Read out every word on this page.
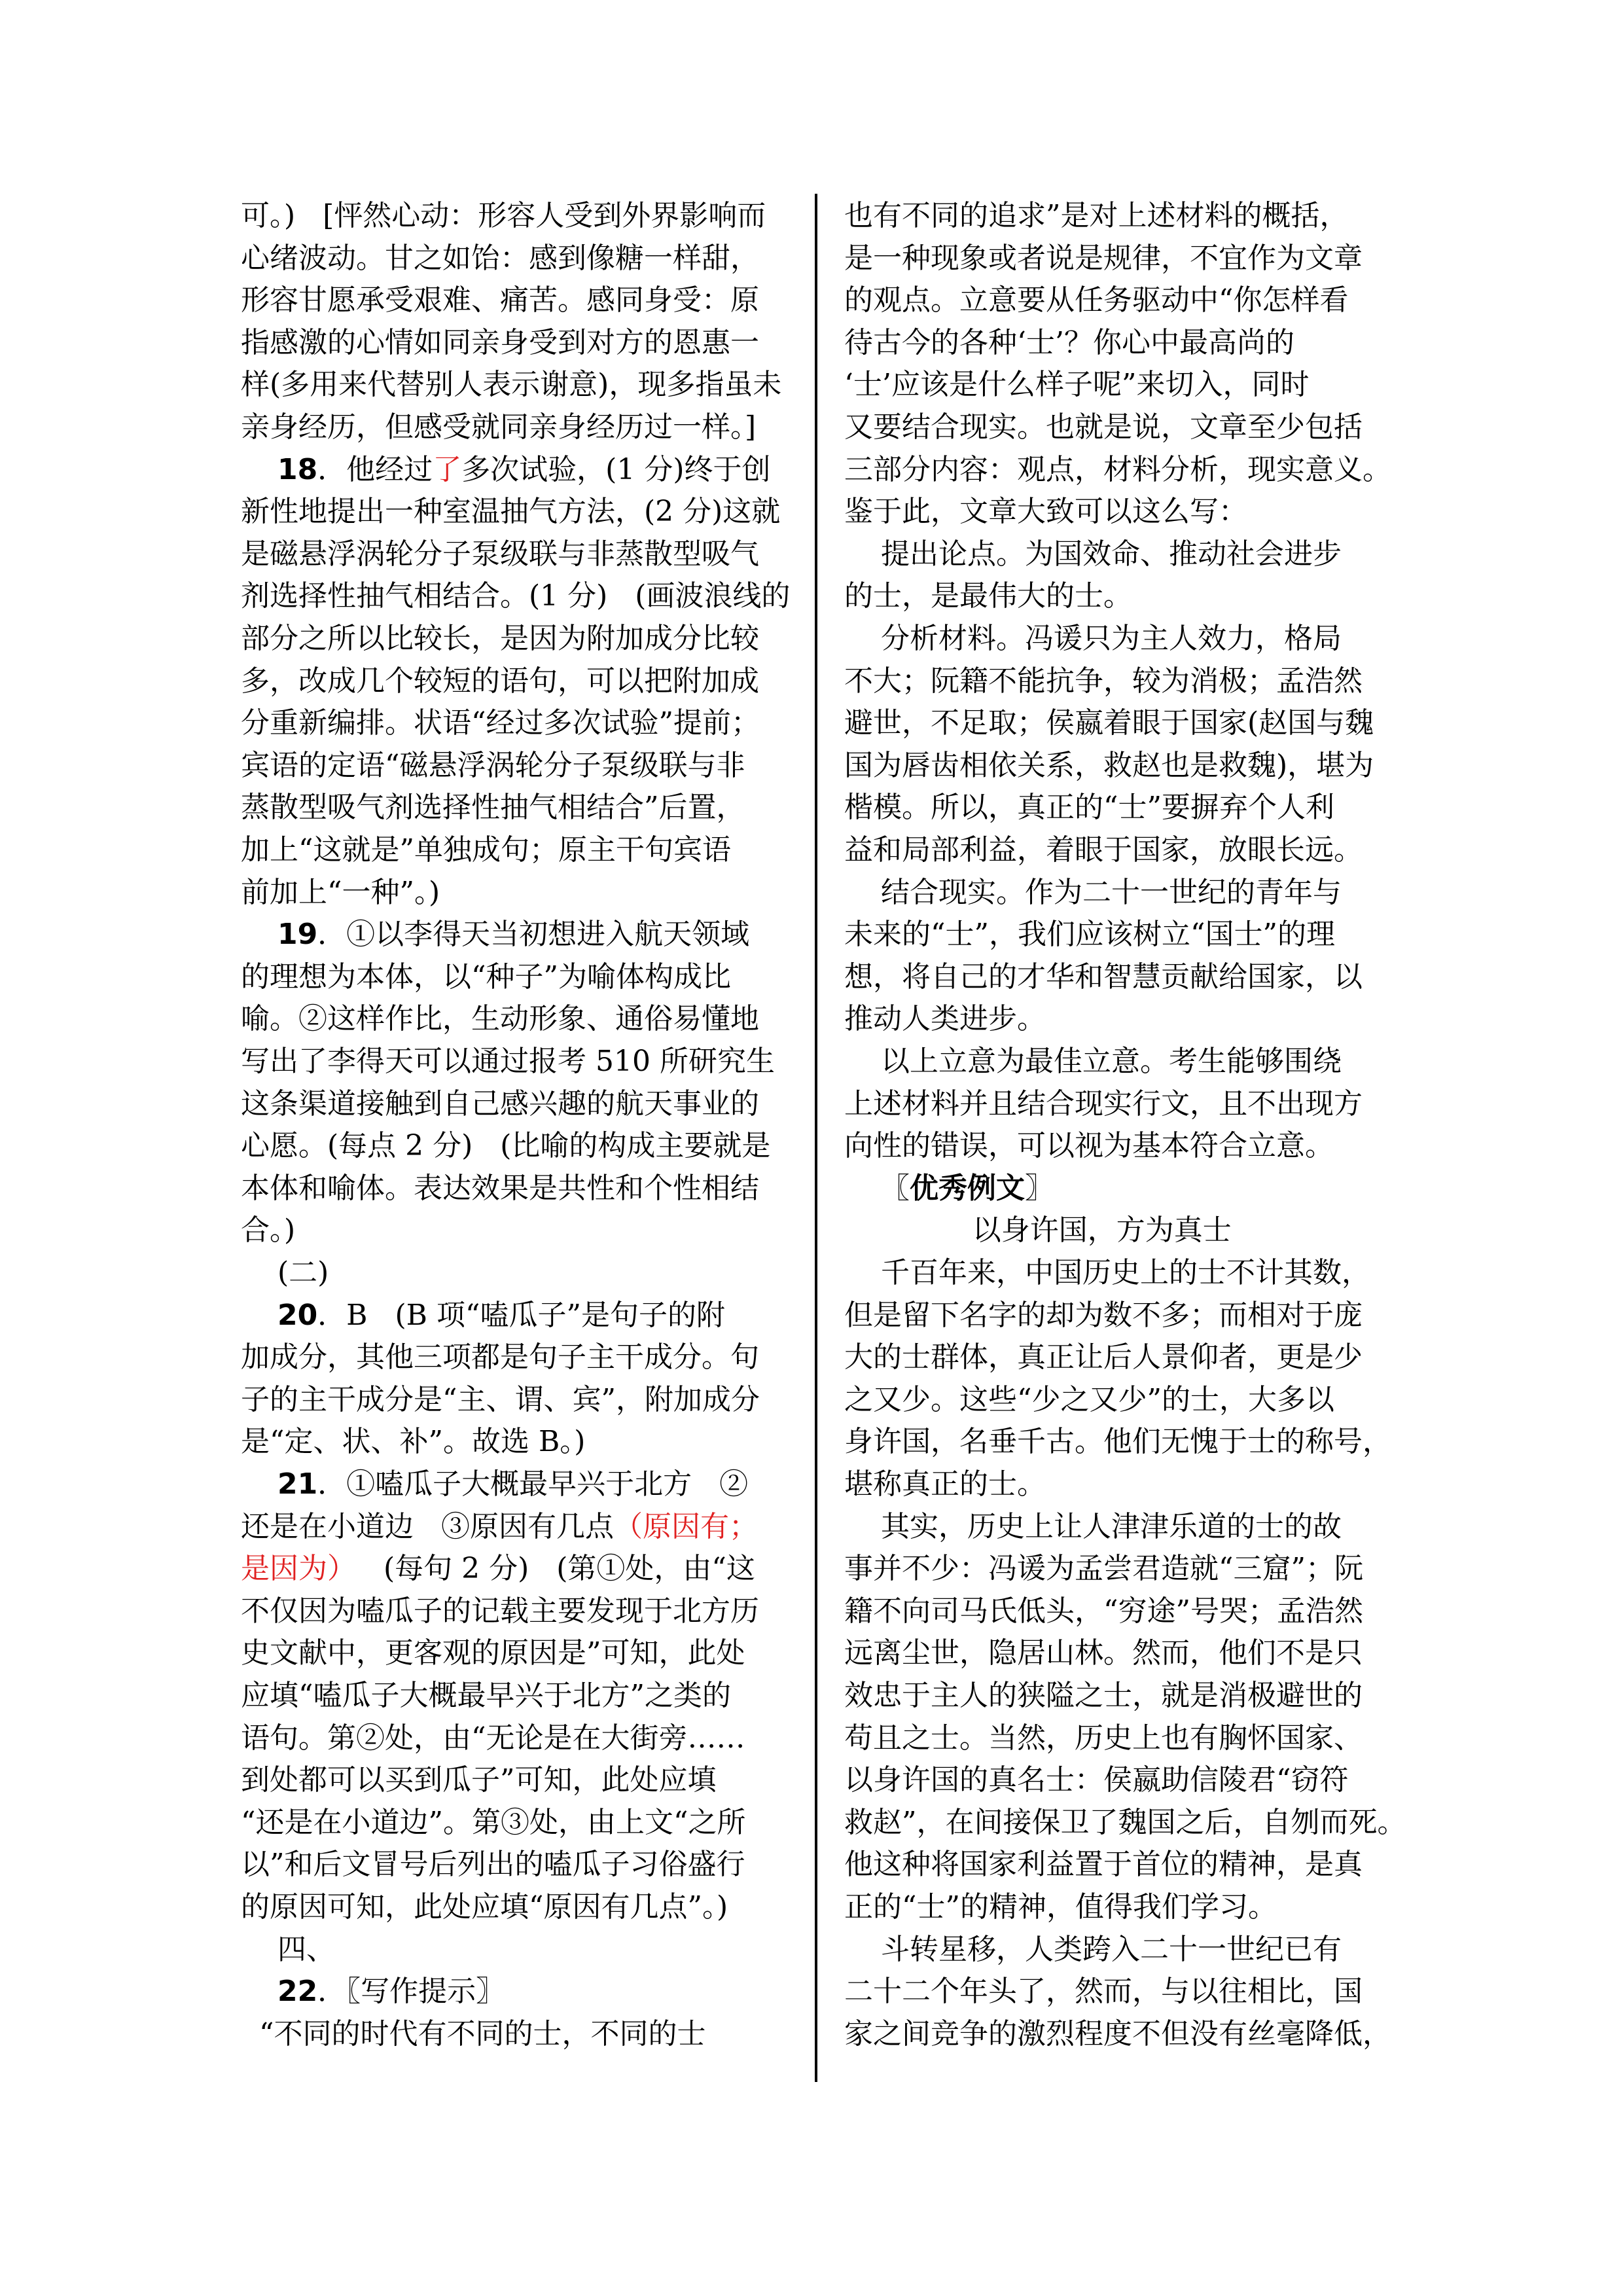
可。)   [怦然心动：形容人受到外界影响而
心绪波动。甘之如饴：感到像糖一样甜，
形容甘愿承受艰难、痛苦。感同身受：原
指感激的心情如同亲身受到对方的恩惠一
样(多用来代替别人表示谢意)，现多指虽未
亲身经历，但感受就同亲身经历过一样。]
18．他经过了多次试验，(1 分)终于创
新性地提出一种室温抽气方法，(2 分)这就
是磁悬浮涡轮分子泵级联与非蒸散型吸气
剂选择性抽气相结合。(1 分)   (画波浪线的
部分之所以比较长，是因为附加成分比较
多，改成几个较短的语句，可以把附加成
分重新编排。状语“经过多次试验”提前；
宾语的定语“磁悬浮涡轮分子泵级联与非
蒸散型吸气剂选择性抽气相结合”后置，
加上“这就是”单独成句；原主干句宾语
前加上“一种”。)
19．①以李得天当初想进入航天领域
的理想为本体，以“种子”为喻体构成比
喻。②这样作比，生动形象、通俗易懂地
写出了李得天可以通过报考 510 所研究生
这条渠道接触到自己感兴趣的航天事业的
心愿。(每点 2 分)   (比喻的构成主要就是
本体和喻体。表达效果是共性和个性相结
合。)
(二)
20．B   (B 项“嗑瓜子”是句子的附
加成分，其他三项都是句子主干成分。句
子的主干成分是“主、谓、宾”，附加成分
是“定、状、补”。故选 B。)
21．①嗑瓜子大概最早兴于北方   ②
还是在小道边   ③原因有几点（原因有；
是因为）   (每句 2 分)   (第①处，由“这
不仅因为嗑瓜子的记载主要发现于北方历
史文献中，更客观的原因是”可知，此处
应填“嗑瓜子大概最早兴于北方”之类的
语句。第②处，由“无论是在大街旁……
到处都可以买到瓜子”可知，此处应填
“还是在小道边”。第③处，由上文“之所
以”和后文冒号后列出的嗑瓜子习俗盛行
的原因可知，此处应填“原因有几点”。)
四、
22．〖写作提示〗
“不同的时代有不同的士，不同的士
也有不同的追求”是对上述材料的概括，
是一种现象或者说是规律，不宜作为文章
的观点。立意要从任务驱动中“你怎样看
待古今的各种‘士’？你心中最高尚的
‘士’应该是什么样子呢”来切入，同时
又要结合现实。也就是说，文章至少包括
三部分内容：观点，材料分析，现实意义。
鉴于此，文章大致可以这么写：
提出论点。为国效命、推动社会进步
的士，是最伟大的士。
分析材料。冯谖只为主人效力，格局
不大；阮籍不能抗争，较为消极；孟浩然
避世，不足取；侯嬴着眼于国家(赵国与魏
国为唇齿相依关系，救赵也是救魏)，堪为
楷模。所以，真正的“士”要摒弃个人利
益和局部利益，着眼于国家，放眼长远。
结合现实。作为二十一世纪的青年与
未来的“士”，我们应该树立“国士”的理
想，将自己的才华和智慧贡献给国家，以
推动人类进步。
以上立意为最佳立意。考生能够围绕
上述材料并且结合现实行文，且不出现方
向性的错误，可以视为基本符合立意。
〖优秀例文〗
以身许国，方为真士
千百年来，中国历史上的士不计其数，
但是留下名字的却为数不多；而相对于庞
大的士群体，真正让后人景仰者，更是少
之又少。这些“少之又少”的士，大多以
身许国，名垂千古。他们无愧于士的称号，
堪称真正的士。
其实，历史上让人津津乐道的士的故
事并不少：冯谖为孟尝君造就“三窟”；阮
籍不向司马氏低头，“穷途”号哭；孟浩然
远离尘世，隐居山林。然而，他们不是只
效忠于主人的狭隘之士，就是消极避世的
苟且之士。当然，历史上也有胸怀国家、
以身许国的真名士：侯嬴助信陵君“窃符
救赵”，在间接保卫了魏国之后，自刎而死。
他这种将国家利益置于首位的精神，是真
正的“士”的精神，值得我们学习。
斗转星移，人类跨入二十一世纪已有
二十二个年头了，然而，与以往相比，国
家之间竞争的激烈程度不但没有丝毫降低，
